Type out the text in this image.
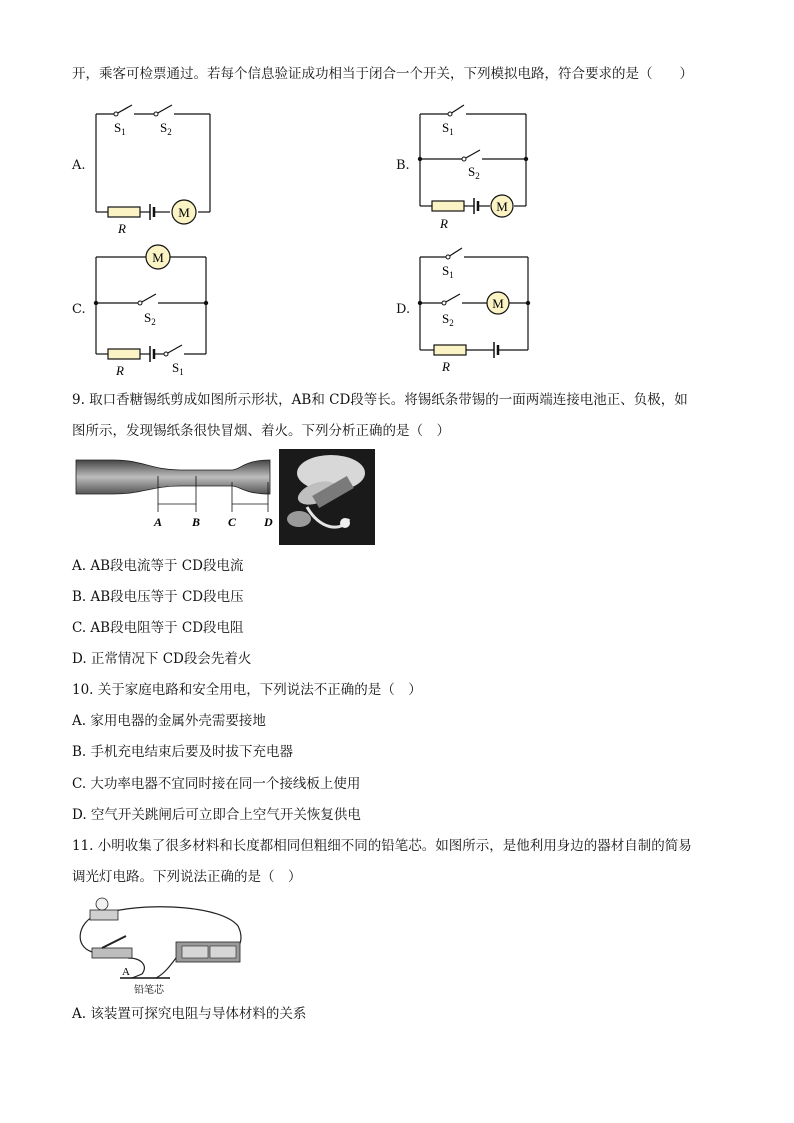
开，乘客可检票通过。若每个信息验证成功相当于闭合一个开关，下列模拟电路，符合要求的是（　　）
A.
M
$S_1$	$S_2$
R
B.
M
$S_1$
$S_2$
R
C.
M
$S_2$
R	$S_1$
D.	M
$S_1$
$S_2$
R
9. 取口香糖锡纸剪成如图所示形状，AB和 CD段等长。将锡纸条带锡的一面两端连接电池正、负极，如
图所示，发现锡纸条很快冒烟、着火。下列分析正确的是（　）
A B C D
A. AB段电流等于 CD段电流
B. AB段电压等于 CD段电压
C. AB段电阻等于 CD段电阻
D. 正常情况下 CD段会先着火
10. 关于家庭电路和安全用电，下列说法不正确的是（　）
A. 家用电器的金属外壳需要接地
B. 手机充电结束后要及时拔下充电器
C. 大功率电器不宜同时接在同一个接线板上使用
D. 空气开关跳闸后可立即合上空气开关恢复供电
11. 小明收集了很多材料和长度都相同但粗细不同的铅笔芯。如图所示，是他利用身边的器材自制的简易
调光灯电路。下列说法正确的是（　）
A
铅笔芯
A. 该装置可探究电阻与导体材料的关系
